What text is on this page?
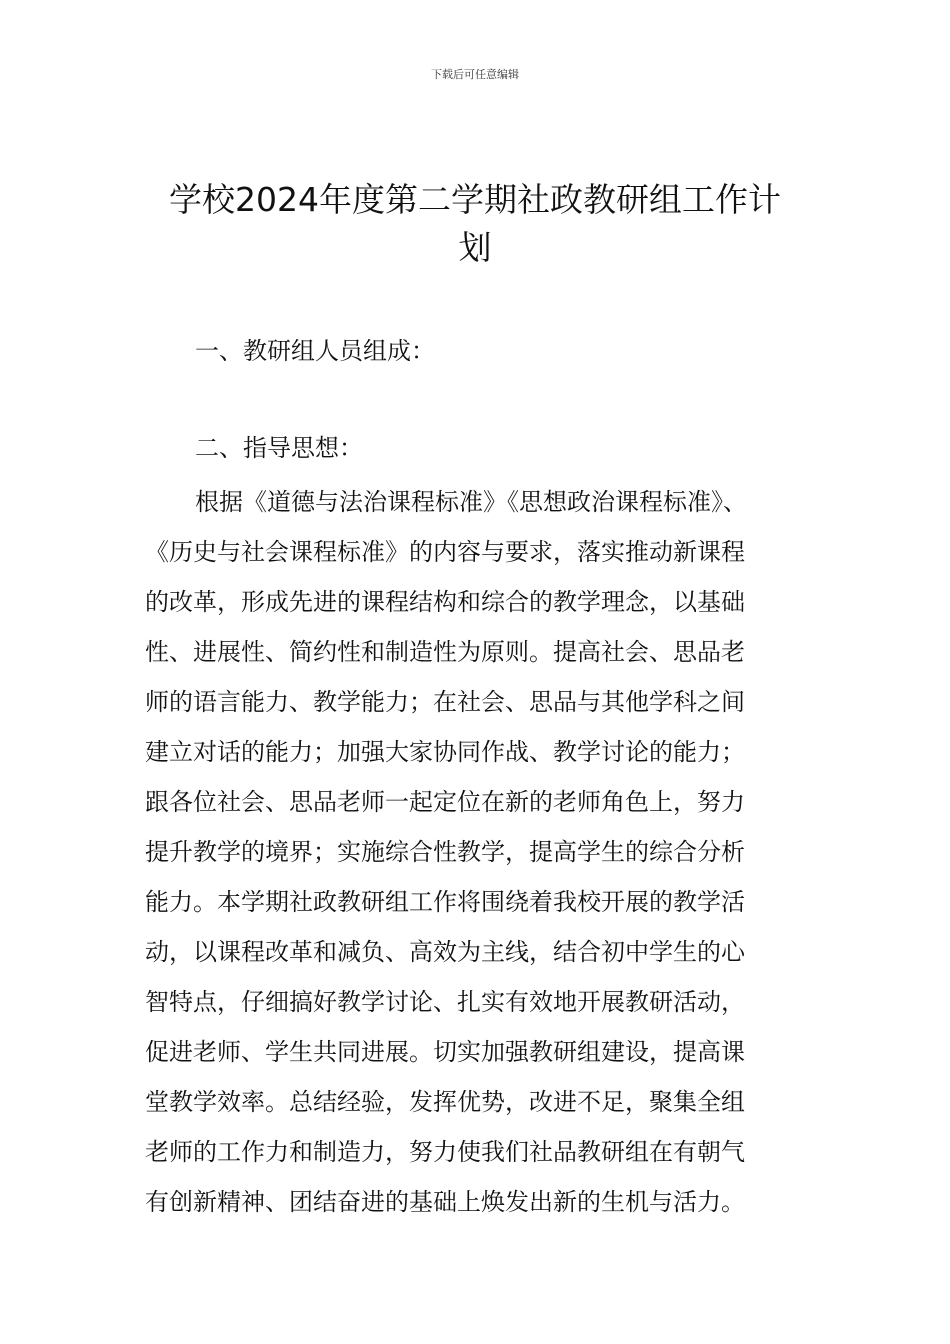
下载后可任意编辑
学校2024年度第二学期社政教研组工作计
划
一、教研组人员组成：
二、指导思想：
根据《道德与法治课程标准》《思想政治课程标准》、
《历史与社会课程标准》的内容与要求，落实推动新课程
的改革，形成先进的课程结构和综合的教学理念，以基础
性、进展性、简约性和制造性为原则。提高社会、思品老
师的语言能力、教学能力；在社会、思品与其他学科之间
建立对话的能力；加强大家协同作战、教学讨论的能力；
跟各位社会、思品老师一起定位在新的老师角色上，努力
提升教学的境界；实施综合性教学，提高学生的综合分析
能力。本学期社政教研组工作将围绕着我校开展的教学活
动，以课程改革和减负、高效为主线，结合初中学生的心
智特点，仔细搞好教学讨论、扎实有效地开展教研活动，
促进老师、学生共同进展。切实加强教研组建设，提高课
堂教学效率。总结经验，发挥优势，改进不足，聚集全组
老师的工作力和制造力，努力使我们社品教研组在有朝气
有创新精神、团结奋进的基础上焕发出新的生机与活力。
